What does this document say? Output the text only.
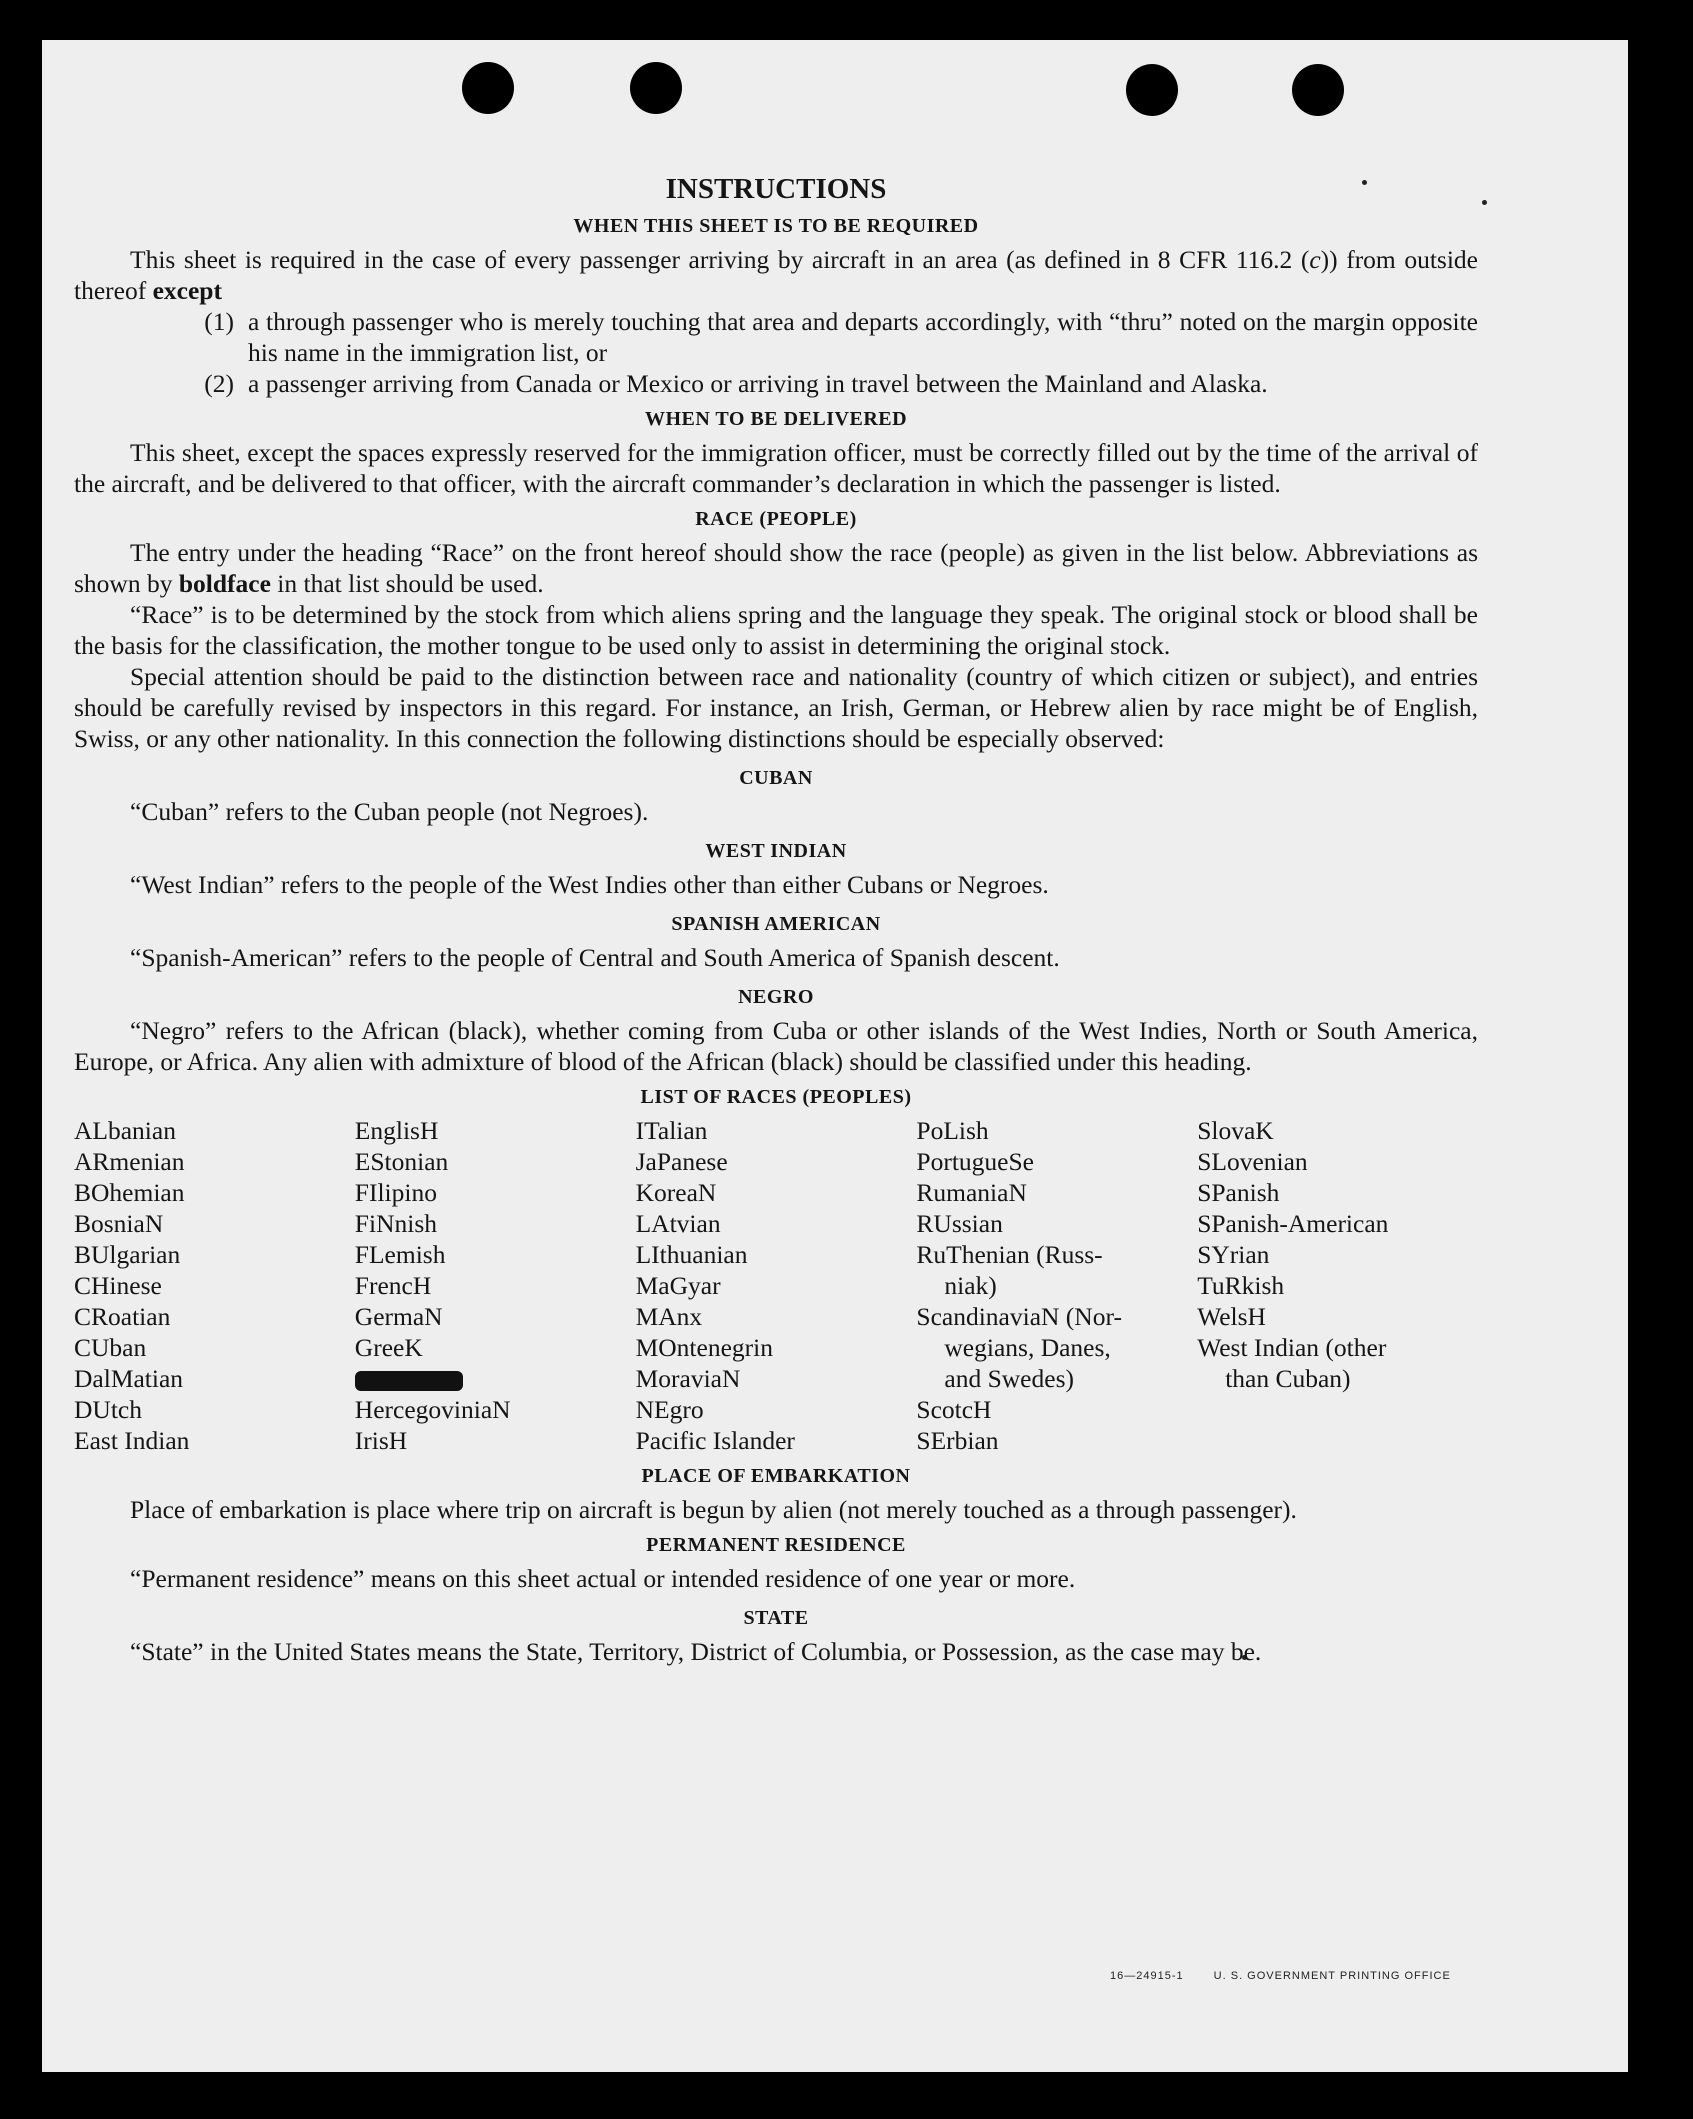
INSTRUCTIONS
WHEN THIS SHEET IS TO BE REQUIRED

This sheet is required in the case of every passenger arriving by aircraft in an area (as defined in 8 CFR 116.2 (c)) from outside thereof except

(1) a through passenger who is merely touching that area and departs accordingly, with “thru” noted on the margin opposite his name in the immigration list, or
(2) a passenger arriving from Canada or Mexico or arriving in travel between the Mainland and Alaska.
WHEN TO BE DELIVERED

This sheet, except the spaces expressly reserved for the immigration officer, must be correctly filled out by the time of the arrival of the aircraft, and be delivered to that officer, with the aircraft commander’s declaration in which the passenger is listed.

RACE (PEOPLE)

The entry under the heading “Race” on the front hereof should show the race (people) as given in the list below. Abbreviations as shown by boldface in that list should be used.

“Race” is to be determined by the stock from which aliens spring and the language they speak. The original stock or blood shall be the basis for the classification, the mother tongue to be used only to assist in determining the original stock.

Special attention should be paid to the distinction between race and nationality (country of which citizen or subject), and entries should be carefully revised by inspectors in this regard. For instance, an Irish, German, or Hebrew alien by race might be of English, Swiss, or any other nationality. In this connection the following distinctions should be especially observed:

CUBAN

“Cuban” refers to the Cuban people (not Negroes).

WEST INDIAN

“West Indian” refers to the people of the West Indies other than either Cubans or Negroes.

SPANISH AMERICAN

“Spanish-American” refers to the people of Central and South America of Spanish descent.

NEGRO

“Negro” refers to the African (black), whether coming from Cuba or other islands of the West Indies, North or South America, Europe, or Africa. Any alien with admixture of blood of the African (black) should be classified under this heading.

LIST OF RACES (PEOPLES)
ALbanian
ARmenian
BOhemian
BosniaN
BUlgarian
CHinese
CRoatian
CUban
DalMatian
DUtch
East Indian
EnglisH
EStonian
FIlipino
FiNnish
FLemish
FrencH
GermaN
GreeK
HercegoviniaN
IrisH
ITalian
JaPanese
KoreaN
LAtvian
LIthuanian
MaGyar
MAnx
MOntenegrin
MoraviaN
NEgro
Pacific Islander
PoLish
PortugueSe
RumaniaN
RUssian
RuThenian (Russ-
niak)
ScandinaviaN (Nor-
wegians, Danes,
and Swedes)
ScotcH
SErbian
SlovaK
SLovenian
SPanish
SPanish-American
SYrian
TuRkish
WelsH
West Indian (other
than Cuban)
PLACE OF EMBARKATION

Place of embarkation is place where trip on aircraft is begun by alien (not merely touched as a through passenger).

PERMANENT RESIDENCE

“Permanent residence” means on this sheet actual or intended residence of one year or more.

STATE

“State” in the United States means the State, Territory, District of Columbia, or Possession, as the case may be.

16—24915-1	U. S. GOVERNMENT PRINTING OFFICE
